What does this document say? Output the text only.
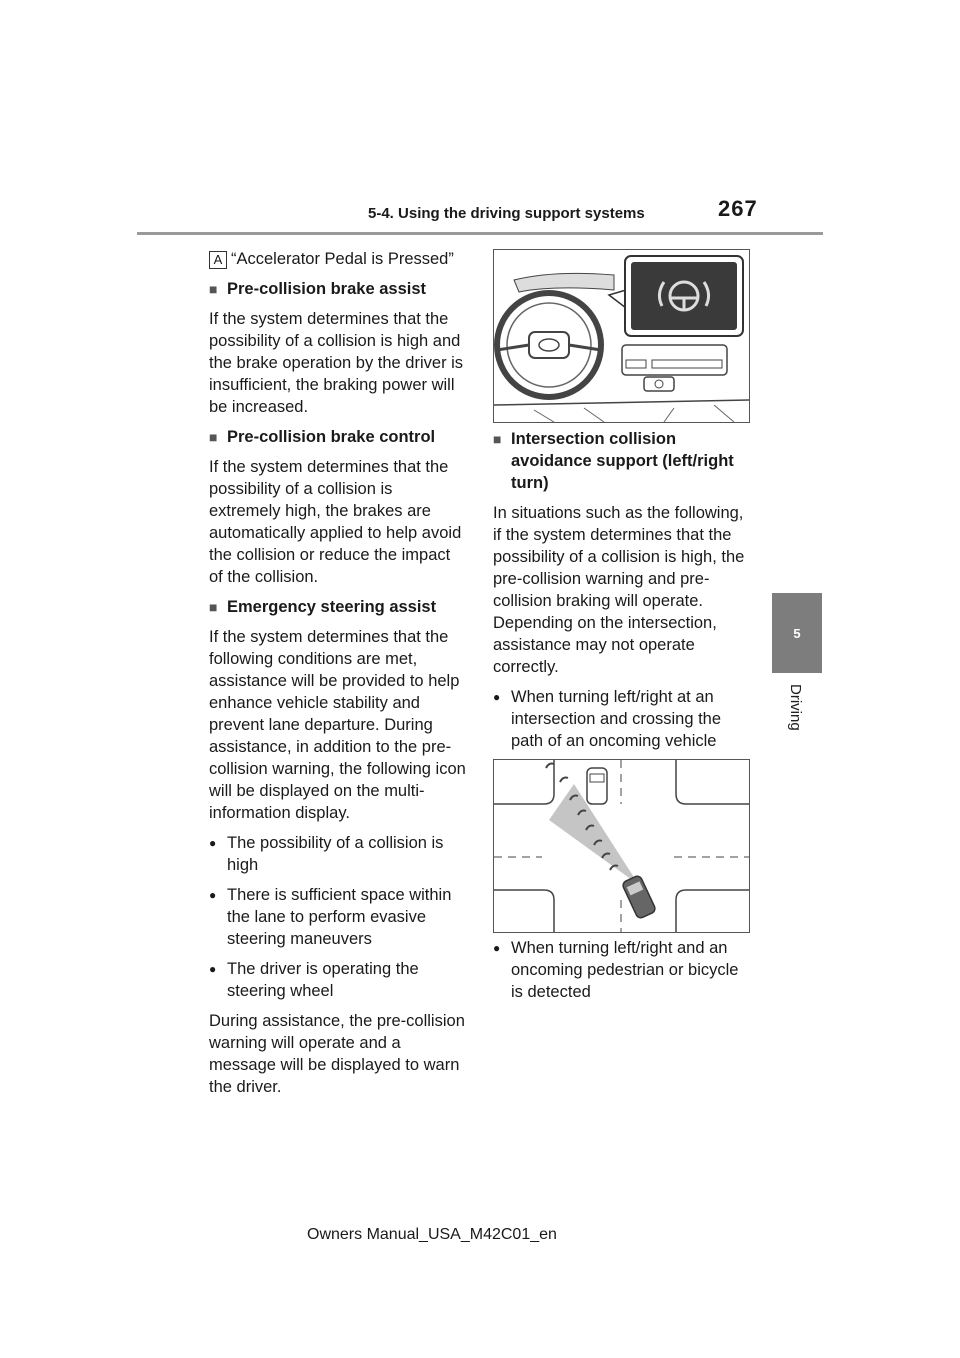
5-4. Using the driving support systems	267
5
Driving

A “Accelerator Pedal is Pressed”

■ Pre-collision brake assist

If the system determines that the possibility of a collision is high and the brake operation by the driver is insufficient, the braking power will be increased.

■ Pre-collision brake control

If the system determines that the possibility of a collision is extremely high, the brakes are automatically applied to help avoid the collision or reduce the impact of the collision.

■ Emergency steering assist

If the system determines that the following conditions are met, assistance will be provided to help enhance vehicle stability and prevent lane departure. During assistance, in addition to the pre-collision warning, the following icon will be displayed on the multi-information display.

● The possibility of a collision is high
● There is sufficient space within the lane to perform evasive steering maneuvers
● The driver is operating the steering wheel

During assistance, the pre-collision warning will operate and a message will be displayed to warn the driver.

■ Intersection collision avoidance support (left/right turn)

In situations such as the following, if the system determines that the possibility of a collision is high, the pre-collision warning and pre-collision braking will operate. Depending on the intersection, assistance may not operate correctly.

● When turning left/right at an intersection and crossing the path of an oncoming vehicle
● When turning left/right and an oncoming pedestrian or bicycle is detected
Owners Manual_USA_M42C01_en
